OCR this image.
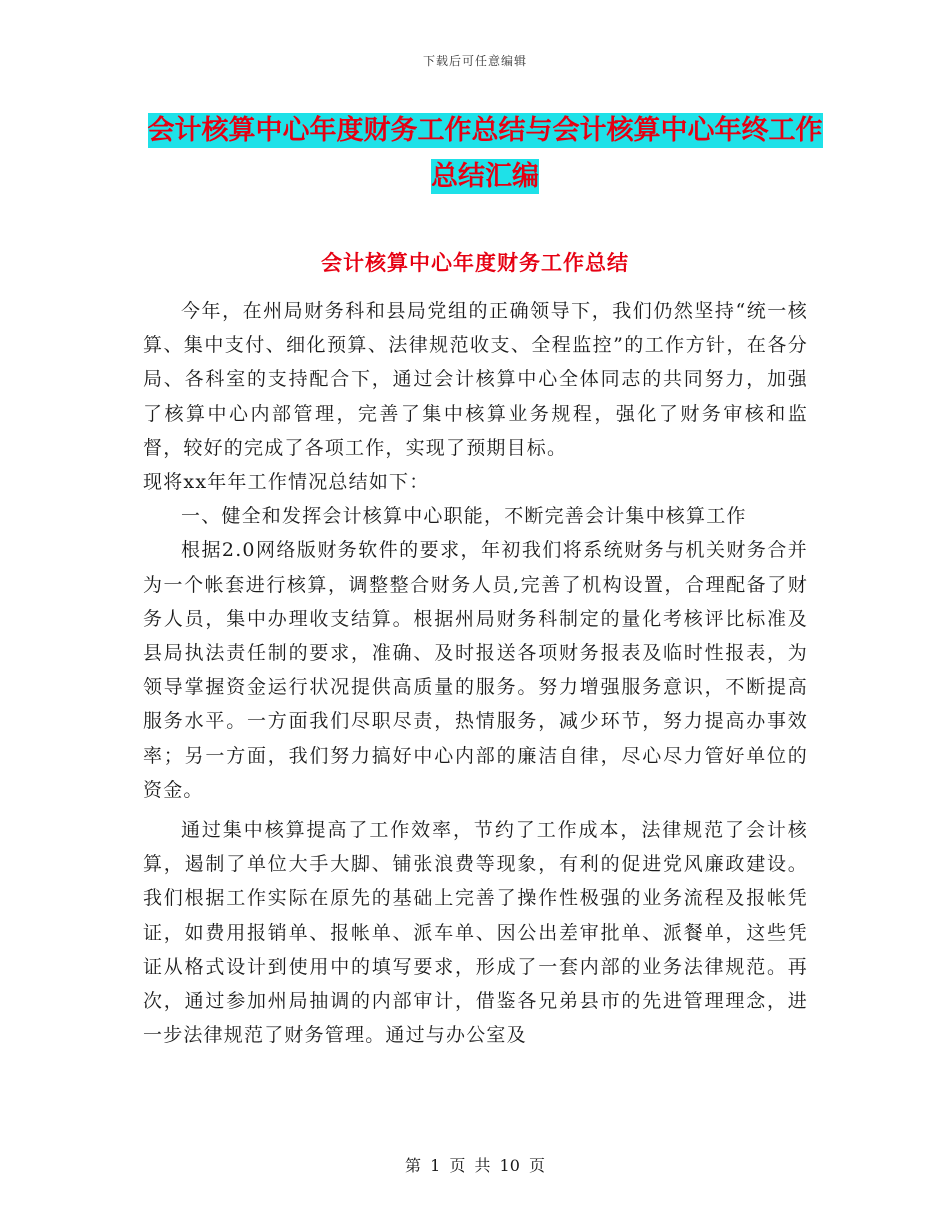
下载后可任意编辑
会计核算中心年度财务工作总结与会计核算中心年终工作总结汇编
会计核算中心年度财务工作总结

今年，在州局财务科和县局党组的正确领导下，我们仍然坚持“统一核算、集中支付、细化预算、法律规范收支、全程监控”的工作方针，在各分局、各科室的支持配合下，通过会计核算中心全体同志的共同努力，加强了核算中心内部管理，完善了集中核算业务规程，强化了财务审核和监督，较好的完成了各项工作，实现了预期目标。

现将xx年年工作情况总结如下：

一、健全和发挥会计核算中心职能，不断完善会计集中核算工作

根据2.0网络版财务软件的要求，年初我们将系统财务与机关财务合并为一个帐套进行核算，调整整合财务人员,完善了机构设置，合理配备了财务人员，集中办理收支结算。根据州局财务科制定的量化考核评比标准及县局执法责任制的要求，准确、及时报送各项财务报表及临时性报表，为领导掌握资金运行状况提供高质量的服务。努力增强服务意识，不断提高服务水平。一方面我们尽职尽责，热情服务，减少环节，努力提高办事效率；另一方面，我们努力搞好中心内部的廉洁自律，尽心尽力管好单位的资金。

通过集中核算提高了工作效率，节约了工作成本，法律规范了会计核算，遏制了单位大手大脚、铺张浪费等现象，有利的促进党风廉政建设。我们根据工作实际在原先的基础上完善了操作性极强的业务流程及报帐凭证，如费用报销单、报帐单、派车单、因公出差审批单、派餐单，这些凭证从格式设计到使用中的填写要求，形成了一套内部的业务法律规范。再次，通过参加州局抽调的内部审计，借鉴各兄弟县市的先进管理理念，进一步法律规范了财务管理。通过与办公室及

第 1 页 共 10 页
